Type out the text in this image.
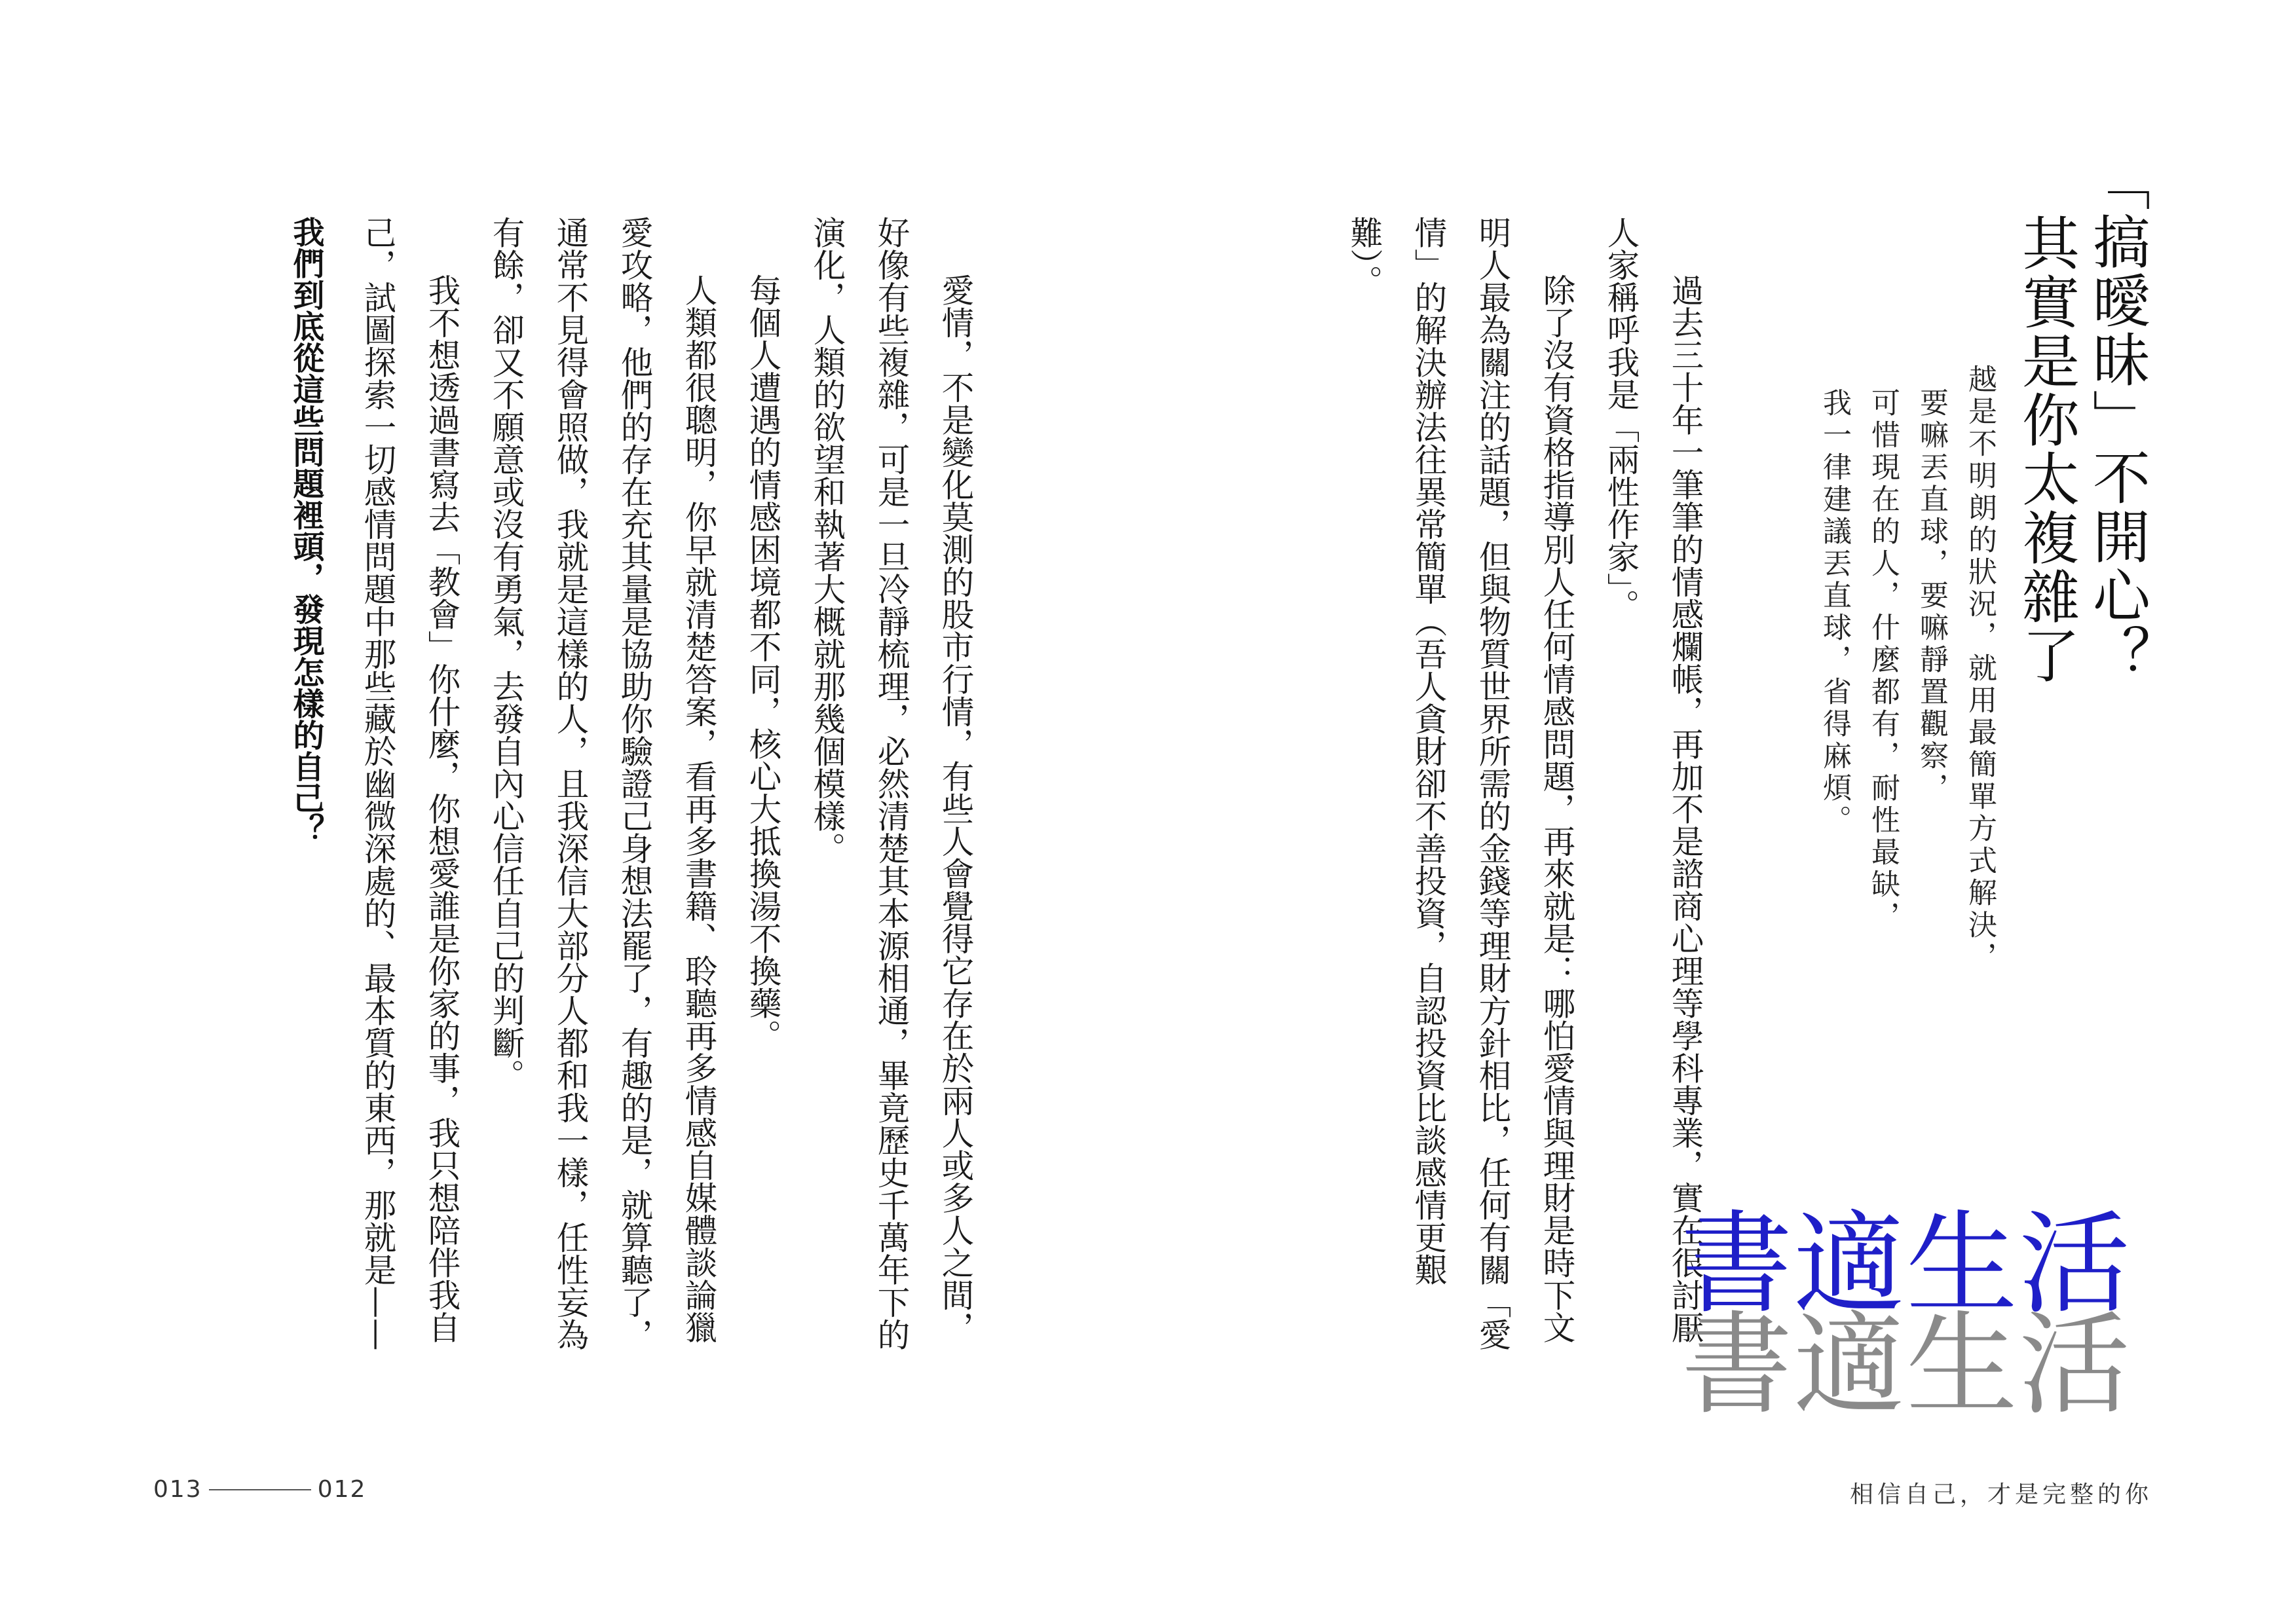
「搞曖昧」不開心？
其實是你太複雜了
越是不明朗的狀況，就用最簡單方式解決，
要嘛丟直球，要嘛靜置觀察，
可惜現在的人，什麼都有，耐性最缺，
我一律建議丟直球，省得麻煩。
過去三十年一筆筆的情感爛帳，再加不是諮商心理等學科專業，實在很討厭
人家稱呼我是「兩性作家」。
除了沒有資格指導別人任何情感問題，再來就是：哪怕愛情與理財是時下文
明人最為關注的話題，但與物質世界所需的金錢等理財方針相比，任何有關「愛
情」的解決辦法往異常簡單（吾人貪財卻不善投資，自認投資比談感情更艱
難）。
書適生活
書適生活
相信自己，才是完整的你
愛情，不是變化莫測的股市行情，有些人會覺得它存在於兩人或多人之間，
好像有些複雜，可是一旦冷靜梳理，必然清楚其本源相通，畢竟歷史千萬年下的
演化，人類的欲望和執著大概就那幾個模樣。
每個人遭遇的情感困境都不同，核心大抵換湯不換藥。
人類都很聰明，你早就清楚答案，看再多書籍、聆聽再多情感自媒體談論獵
愛攻略，他們的存在充其量是協助你驗證己身想法罷了，有趣的是，就算聽了，
通常不見得會照做，我就是這樣的人，且我深信大部分人都和我一樣，任性妄為
有餘，卻又不願意或沒有勇氣，去發自內心信任自己的判斷。
我不想透過書寫去「教會」你什麼，你想愛誰是你家的事，我只想陪伴我自
己，試圖探索一切感情問題中那些藏於幽微深處的、最本質的東西，那就是——
我們到底從這些問題裡頭，發現怎樣的自己？
013	012
